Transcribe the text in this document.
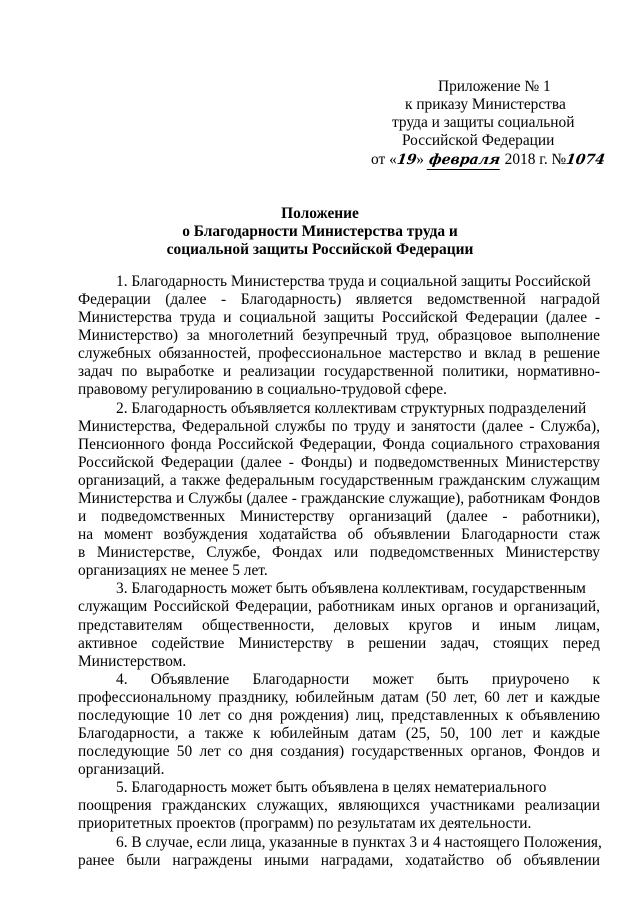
Приложение № 1
к приказу Министерства
труда и защиты социальной
Российской Федерации
от «19» февраля 2018 г. №1074
Положение
о Благодарности Министерства труда и
социальной защиты Российской Федерации
1. Благодарность Министерства труда и социальной защиты Российской
Федерации (далее - Благодарность) является ведомственной наградой
Министерства труда и социальной защиты Российской Федерации (далее -
Министерство) за многолетний безупречный труд, образцовое выполнение
служебных обязанностей, профессиональное мастерство и вклад в решение
задач по выработке и реализации государственной политики, нормативно-
правовому регулированию в социально-трудовой сфере.
2. Благодарность объявляется коллективам структурных подразделений
Министерства, Федеральной службы по труду и занятости (далее - Служба),
Пенсионного фонда Российской Федерации, Фонда социального страхования
Российской Федерации (далее - Фонды) и подведомственных Министерству
организаций, а также федеральным государственным гражданским служащим
Министерства и Службы (далее - гражданские служащие), работникам Фондов
и подведомственных Министерству организаций (далее - работники),
на момент возбуждения ходатайства об объявлении Благодарности стаж
в Министерстве, Службе, Фондах или подведомственных Министерству
организациях не менее 5 лет.
3. Благодарность может быть объявлена коллективам, государственным
служащим Российской Федерации, работникам иных органов и организаций,
представителям общественности, деловых кругов и иным лицам,
активное содействие Министерству в решении задач, стоящих перед
Министерством.
4. Объявление Благодарности может быть приурочено к
профессиональному празднику, юбилейным датам (50 лет, 60 лет и каждые
последующие 10 лет со дня рождения) лиц, представленных к объявлению
Благодарности, а также к юбилейным датам (25, 50, 100 лет и каждые
последующие 50 лет со дня создания) государственных органов, Фондов и
организаций.
5. Благодарность может быть объявлена в целях нематериального
поощрения гражданских служащих, являющихся участниками реализации
приоритетных проектов (программ) по результатам их деятельности.
6. В случае, если лица, указанные в пунктах 3 и 4 настоящего Положения,
ранее были награждены иными наградами, ходатайство об объявлении
